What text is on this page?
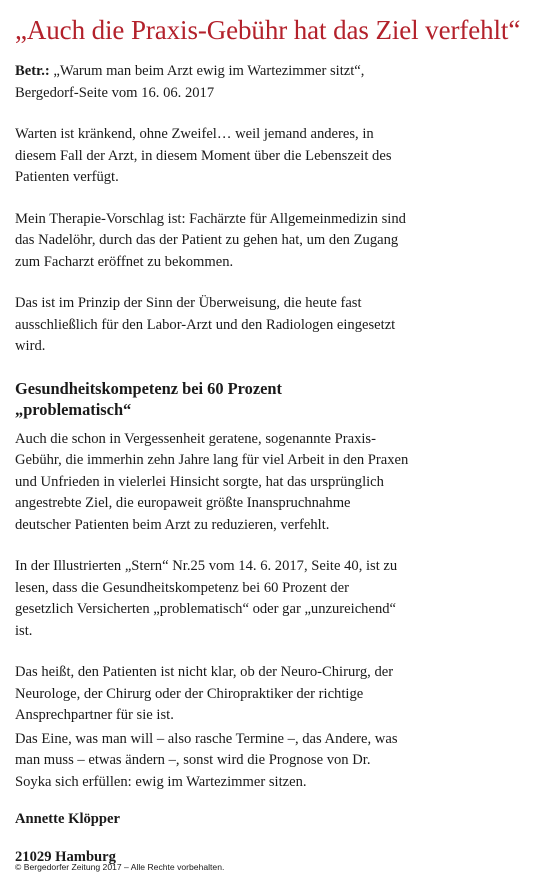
„Auch die Praxis-Gebühr hat das Ziel verfehlt“

Betr.: „Warum man beim Arzt ewig im Wartezimmer sitzt“, Bergedorf-Seite vom 16. 06. 2017

Warten ist kränkend, ohne Zweifel… weil jemand anderes, in diesem Fall der Arzt, in diesem Moment über die Lebenszeit des Patienten verfügt.

Mein Therapie-Vorschlag ist: Fachärzte für Allgemeinmedizin sind das Nadelöhr, durch das der Patient zu gehen hat, um den Zugang zum Facharzt eröffnet zu bekommen.

Das ist im Prinzip der Sinn der Überweisung, die heute fast ausschließlich für den Labor-Arzt und den Radiologen eingesetzt wird.

Gesundheitskompetenz bei 60 Prozent „problematisch“

Auch die schon in Vergessenheit geratene, sogenannte Praxis-Gebühr, die immerhin zehn Jahre lang für viel Arbeit in den Praxen und Unfrieden in vielerlei Hinsicht sorgte, hat das ursprünglich angestrebte Ziel, die europaweit größte Inanspruchnahme deutscher Patienten beim Arzt zu reduzieren, verfehlt.

In der Illustrierten „Stern“ Nr.25 vom 14. 6. 2017, Seite 40, ist zu lesen, dass die Gesundheitskompetenz bei 60 Prozent der gesetzlich Versicherten „problematisch“ oder gar „unzureichend“ ist.

Das heißt, den Patienten ist nicht klar, ob der Neuro-Chirurg, der Neurologe, der Chirurg oder der Chiropraktiker der richtige Ansprechpartner für sie ist.

Das Eine, was man will – also rasche Termine –, das Andere, was man muss – etwas ändern –, sonst wird die Prognose von Dr. Soyka sich erfüllen: ewig im Wartezimmer sitzen.

Annette Klöpper

21029 Hamburg

© Bergedorfer Zeitung 2017 – Alle Rechte vorbehalten.
